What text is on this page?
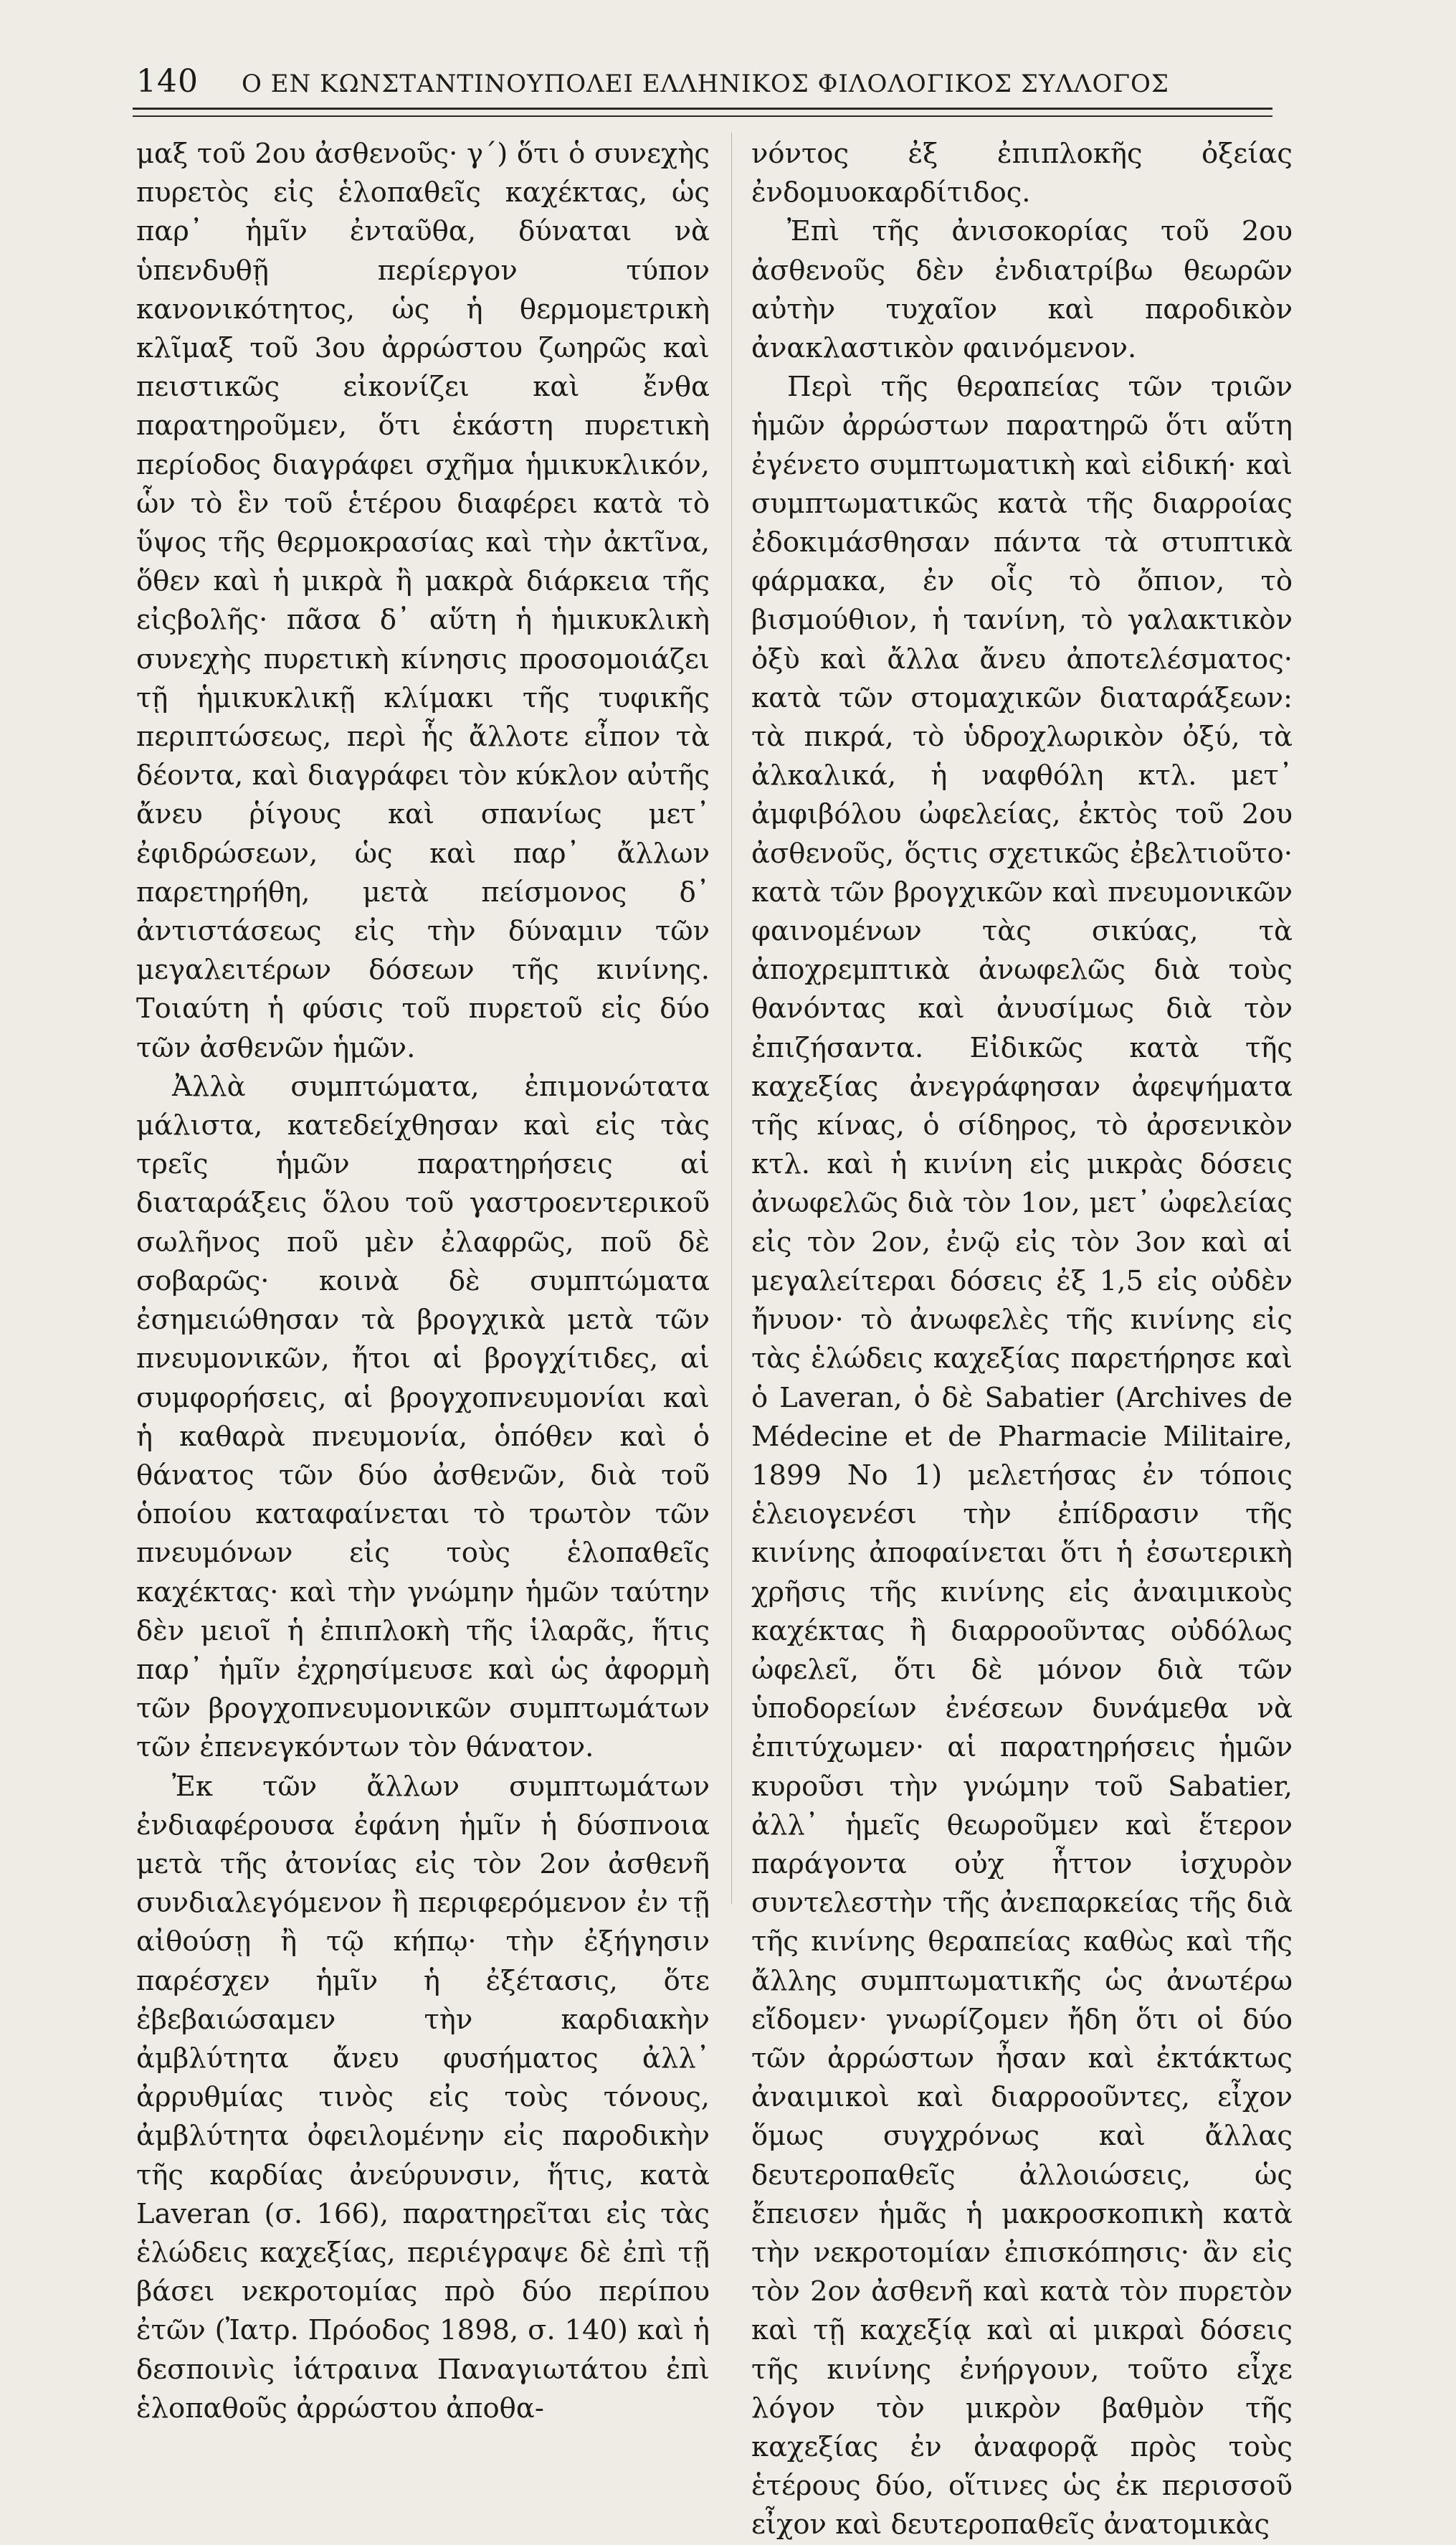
140 Ο ΕΝ ΚΩΝΣΤΑΝΤΙΝΟΥΠΟΛΕΙ ΕΛΛΗΝΙΚΟΣ ΦΙΛΟΛΟΓΙΚΟΣ ΣΥΛΛΟΓΟΣ

μαξ τοῦ 2ου ἀσθενοῦς· γ΄) ὅτι ὁ συνεχὴς πυρετὸς εἰς ἑλοπαθεῖς καχέκτας, ὡς παρ᾽ ἡμῖν ἐνταῦθα, δύναται νὰ ὑπενδυθῇ περίεργον τύπον κανονικότητος, ὡς ἡ θερμομετρικὴ κλῖμαξ τοῦ 3ου ἀρρώστου ζωηρῶς καὶ πειστικῶς εἰκονίζει καὶ ἔνθα παρατηροῦμεν, ὅτι ἑκάστη πυρετικὴ περίοδος διαγράφει σχῆμα ἡμικυκλικόν, ὧν τὸ ἓν τοῦ ἑτέρου διαφέρει κατὰ τὸ ὕψος τῆς θερμοκρασίας καὶ τὴν ἀκτῖνα, ὅθεν καὶ ἡ μικρὰ ἢ μακρὰ διάρκεια τῆς εἰςβολῆς· πᾶσα δ᾽ αὕτη ἡ ἡμικυκλικὴ συνεχὴς πυρετικὴ κίνησις προσομοιάζει τῇ ἡμικυκλικῇ κλίμακι τῆς τυφικῆς περιπτώσεως, περὶ ἧς ἄλλοτε εἶπον τὰ δέοντα, καὶ διαγράφει τὸν κύκλον αὐτῆς ἄνευ ῥίγους καὶ σπανίως μετ᾽ ἐφιδρώσεων, ὡς καὶ παρ᾽ ἄλλων παρετηρήθη, μετὰ πείσμονος δ᾽ ἀντιστάσεως εἰς τὴν δύναμιν τῶν μεγαλειτέρων δόσεων τῆς κινίνης. Τοιαύτη ἡ φύσις τοῦ πυρετοῦ εἰς δύο τῶν ἀσθενῶν ἡμῶν.

Ἀλλὰ συμπτώματα, ἐπιμονώτατα μάλιστα, κατεδείχθησαν καὶ εἰς τὰς τρεῖς ἡμῶν παρατηρήσεις αἱ διαταράξεις ὅλου τοῦ γαστροεντερικοῦ σωλῆνος ποῦ μὲν ἐλαφρῶς, ποῦ δὲ σοβαρῶς· κοινὰ δὲ συμπτώματα ἐσημειώθησαν τὰ βρογχικὰ μετὰ τῶν πνευμονικῶν, ἤτοι αἱ βρογχίτιδες, αἱ συμφορήσεις, αἱ βρογχοπνευμονίαι καὶ ἡ καθαρὰ πνευμονία, ὁπόθεν καὶ ὁ θάνατος τῶν δύο ἀσθενῶν, διὰ τοῦ ὁποίου καταφαίνεται τὸ τρωτὸν τῶν πνευμόνων εἰς τοὺς ἑλοπαθεῖς καχέκτας· καὶ τὴν γνώμην ἡμῶν ταύτην δὲν μειοῖ ἡ ἐπιπλοκὴ τῆς ἱλαρᾶς, ἥτις παρ᾽ ἡμῖν ἐχρησίμευσε καὶ ὡς ἀφορμὴ τῶν βρογχοπνευμονικῶν συμπτωμάτων τῶν ἐπενεγκόντων τὸν θάνατον.

Ἐκ τῶν ἄλλων συμπτωμάτων ἐνδιαφέρουσα ἐφάνη ἡμῖν ἡ δύσπνοια μετὰ τῆς ἀτονίας εἰς τὸν 2ον ἀσθενῆ συνδιαλεγόμενον ἢ περιφερόμενον ἐν τῇ αἰθούσῃ ἢ τῷ κήπῳ· τὴν ἐξήγησιν παρέσχεν ἡμῖν ἡ ἐξέτασις, ὅτε ἐβεβαιώσαμεν τὴν καρδιακὴν ἀμβλύτητα ἄνευ φυσήματος ἀλλ᾽ ἀρρυθμίας τινὸς εἰς τοὺς τόνους, ἀμβλύτητα ὀφειλομένην εἰς παροδικὴν τῆς καρδίας ἀνεύρυνσιν, ἥτις, κατὰ Laveran (σ. 166), παρατηρεῖται εἰς τὰς ἑλώδεις καχεξίας, περιέγραψε δὲ ἐπὶ τῇ βάσει νεκροτομίας πρὸ δύο περίπου ἐτῶν (Ἰατρ. Πρόοδος 1898, σ. 140) καὶ ἡ δεσποινὶς ἰάτραινα Παναγιωτάτου ἐπὶ ἑλοπαθοῦς ἀρρώστου ἀποθα-

νόντος ἐξ ἐπιπλοκῆς ὀξείας ἐνδομυοκαρδίτιδος.

Ἐπὶ τῆς ἀνισοκορίας τοῦ 2ου ἀσθενοῦς δὲν ἐνδιατρίβω θεωρῶν αὐτὴν τυχαῖον καὶ παροδικὸν ἀνακλαστικὸν φαινόμενον.

Περὶ τῆς θεραπείας τῶν τριῶν ἡμῶν ἀρρώστων παρατηρῶ ὅτι αὕτη ἐγένετο συμπτωματικὴ καὶ εἰδική· καὶ συμπτωματικῶς κατὰ τῆς διαρροίας ἐδοκιμάσθησαν πάντα τὰ στυπτικὰ φάρμακα, ἐν οἷς τὸ ὄπιον, τὸ βισμούθιον, ἡ τανίνη, τὸ γαλακτικὸν ὀξὺ καὶ ἄλλα ἄνευ ἀποτελέσματος· κατὰ τῶν στομαχικῶν διαταράξεων: τὰ πικρά, τὸ ὑδροχλωρικὸν ὀξύ, τὰ ἀλκαλικά, ἡ ναφθόλη κτλ. μετ᾽ ἀμφιβόλου ὠφελείας, ἐκτὸς τοῦ 2ου ἀσθενοῦς, ὅςτις σχετικῶς ἐβελτιοῦτο· κατὰ τῶν βρογχικῶν καὶ πνευμονικῶν φαινομένων τὰς σικύας, τὰ ἀποχρεμπτικὰ ἀνωφελῶς διὰ τοὺς θανόντας καὶ ἀνυσίμως διὰ τὸν ἐπιζήσαντα. Εἰδικῶς κατὰ τῆς καχεξίας ἀνεγράφησαν ἀφεψήματα τῆς κίνας, ὁ σίδηρος, τὸ ἀρσενικὸν κτλ. καὶ ἡ κινίνη εἰς μικρὰς δόσεις ἀνωφελῶς διὰ τὸν 1ον, μετ᾽ ὠφελείας εἰς τὸν 2ον, ἐνῷ εἰς τὸν 3ον καὶ αἱ μεγαλείτεραι δόσεις ἐξ 1,5 εἰς οὐδὲν ἤνυον· τὸ ἀνωφελὲς τῆς κινίνης εἰς τὰς ἑλώδεις καχεξίας παρετήρησε καὶ ὁ Laveran, ὁ δὲ Sabatier (Archives de Médecine et de Pharmacie Militaire, 1899 Nο 1) μελετήσας ἐν τόποις ἑλειογενέσι τὴν ἐπίδρασιν τῆς κινίνης ἀποφαίνεται ὅτι ἡ ἐσωτερικὴ χρῆσις τῆς κινίνης εἰς ἀναιμικοὺς καχέκτας ἢ διαρροοῦντας οὐδόλως ὠφελεῖ, ὅτι δὲ μόνον διὰ τῶν ὑποδορείων ἐνέσεων δυνάμεθα νὰ ἐπιτύχωμεν· αἱ παρατηρήσεις ἡμῶν κυροῦσι τὴν γνώμην τοῦ Sabatier, ἀλλ᾽ ἡμεῖς θεωροῦμεν καὶ ἕτερον παράγοντα οὐχ ἧττον ἰσχυρὸν συντελεστὴν τῆς ἀνεπαρκείας τῆς διὰ τῆς κινίνης θεραπείας καθὼς καὶ τῆς ἄλλης συμπτωματικῆς ὡς ἀνωτέρω εἴδομεν· γνωρίζομεν ἤδη ὅτι οἱ δύο τῶν ἀρρώστων ἦσαν καὶ ἐκτάκτως ἀναιμικοὶ καὶ διαρροοῦντες, εἶχον ὅμως συγχρόνως καὶ ἄλλας δευτεροπαθεῖς ἀλλοιώσεις, ὡς ἔπεισεν ἡμᾶς ἡ μακροσκοπικὴ κατὰ τὴν νεκροτομίαν ἐπισκόπησις· ἂν εἰς τὸν 2ον ἀσθενῆ καὶ κατὰ τὸν πυρετὸν καὶ τῇ καχεξίᾳ καὶ αἱ μικραὶ δόσεις τῆς κινίνης ἐνήργουν, τοῦτο εἶχε λόγον τὸν μικρὸν βαθμὸν τῆς καχεξίας ἐν ἀναφορᾷ πρὸς τοὺς ἑτέρους δύο, οἵτινες ὡς ἐκ περισσοῦ εἶχον καὶ δευτεροπαθεῖς ἀνατομικὰς
